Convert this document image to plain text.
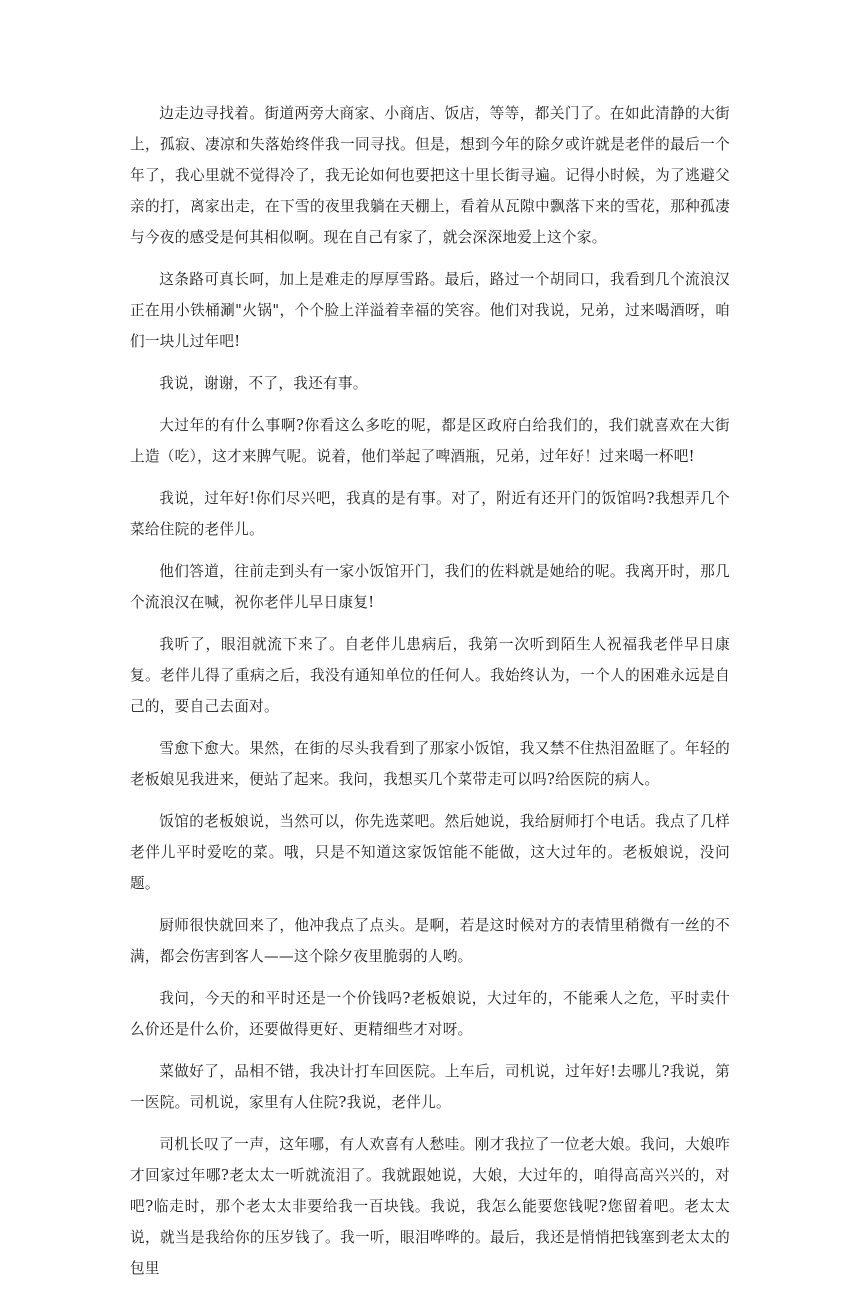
边走边寻找着。街道两旁大商家、小商店、饭店，等等，都关门了。在如此清静的大街上，孤寂、凄凉和失落始终伴我一同寻找。但是，想到今年的除夕或许就是老伴的最后一个年了，我心里就不觉得冷了，我无论如何也要把这十里长街寻遍。记得小时候，为了逃避父亲的打，离家出走，在下雪的夜里我躺在天棚上，看着从瓦隙中飘落下来的雪花，那种孤凄与今夜的感受是何其相似啊。现在自己有家了，就会深深地爱上这个家。

这条路可真长呵，加上是难走的厚厚雪路。最后，路过一个胡同口，我看到几个流浪汉正在用小铁桶涮"火锅"，个个脸上洋溢着幸福的笑容。他们对我说，兄弟，过来喝酒呀，咱们一块儿过年吧!

我说，谢谢，不了，我还有事。

大过年的有什么事啊?你看这么多吃的呢，都是区政府白给我们的，我们就喜欢在大街上造（吃），这才来脾气呢。说着，他们举起了啤酒瓶，兄弟，过年好！过来喝一杯吧!

我说，过年好!你们尽兴吧，我真的是有事。对了，附近有还开门的饭馆吗?我想弄几个菜给住院的老伴儿。

他们答道，往前走到头有一家小饭馆开门，我们的佐料就是她给的呢。我离开时，那几个流浪汉在喊，祝你老伴儿早日康复!

我听了，眼泪就流下来了。自老伴儿患病后，我第一次听到陌生人祝福我老伴早日康复。老伴儿得了重病之后，我没有通知单位的任何人。我始终认为，一个人的困难永远是自己的，要自己去面对。

雪愈下愈大。果然，在街的尽头我看到了那家小饭馆，我又禁不住热泪盈眶了。年轻的老板娘见我进来，便站了起来。我问，我想买几个菜带走可以吗?给医院的病人。

饭馆的老板娘说，当然可以，你先选菜吧。然后她说，我给厨师打个电话。我点了几样老伴儿平时爱吃的菜。哦，只是不知道这家饭馆能不能做，这大过年的。老板娘说，没问题。

厨师很快就回来了，他冲我点了点头。是啊，若是这时候对方的表情里稍微有一丝的不满，都会伤害到客人——这个除夕夜里脆弱的人哟。

我问，今天的和平时还是一个价钱吗?老板娘说，大过年的，不能乘人之危，平时卖什么价还是什么价，还要做得更好、更精细些才对呀。

菜做好了，品相不错，我决计打车回医院。上车后，司机说，过年好!去哪儿?我说，第一医院。司机说，家里有人住院?我说，老伴儿。

司机长叹了一声，这年哪，有人欢喜有人愁哇。刚才我拉了一位老大娘。我问，大娘咋才回家过年哪?老太太一听就流泪了。我就跟她说，大娘，大过年的，咱得高高兴兴的，对吧?临走时，那个老太太非要给我一百块钱。我说，我怎么能要您钱呢?您留着吧。老太太说，就当是我给你的压岁钱了。我一听，眼泪哗哗的。最后，我还是悄悄把钱塞到老太太的包里
